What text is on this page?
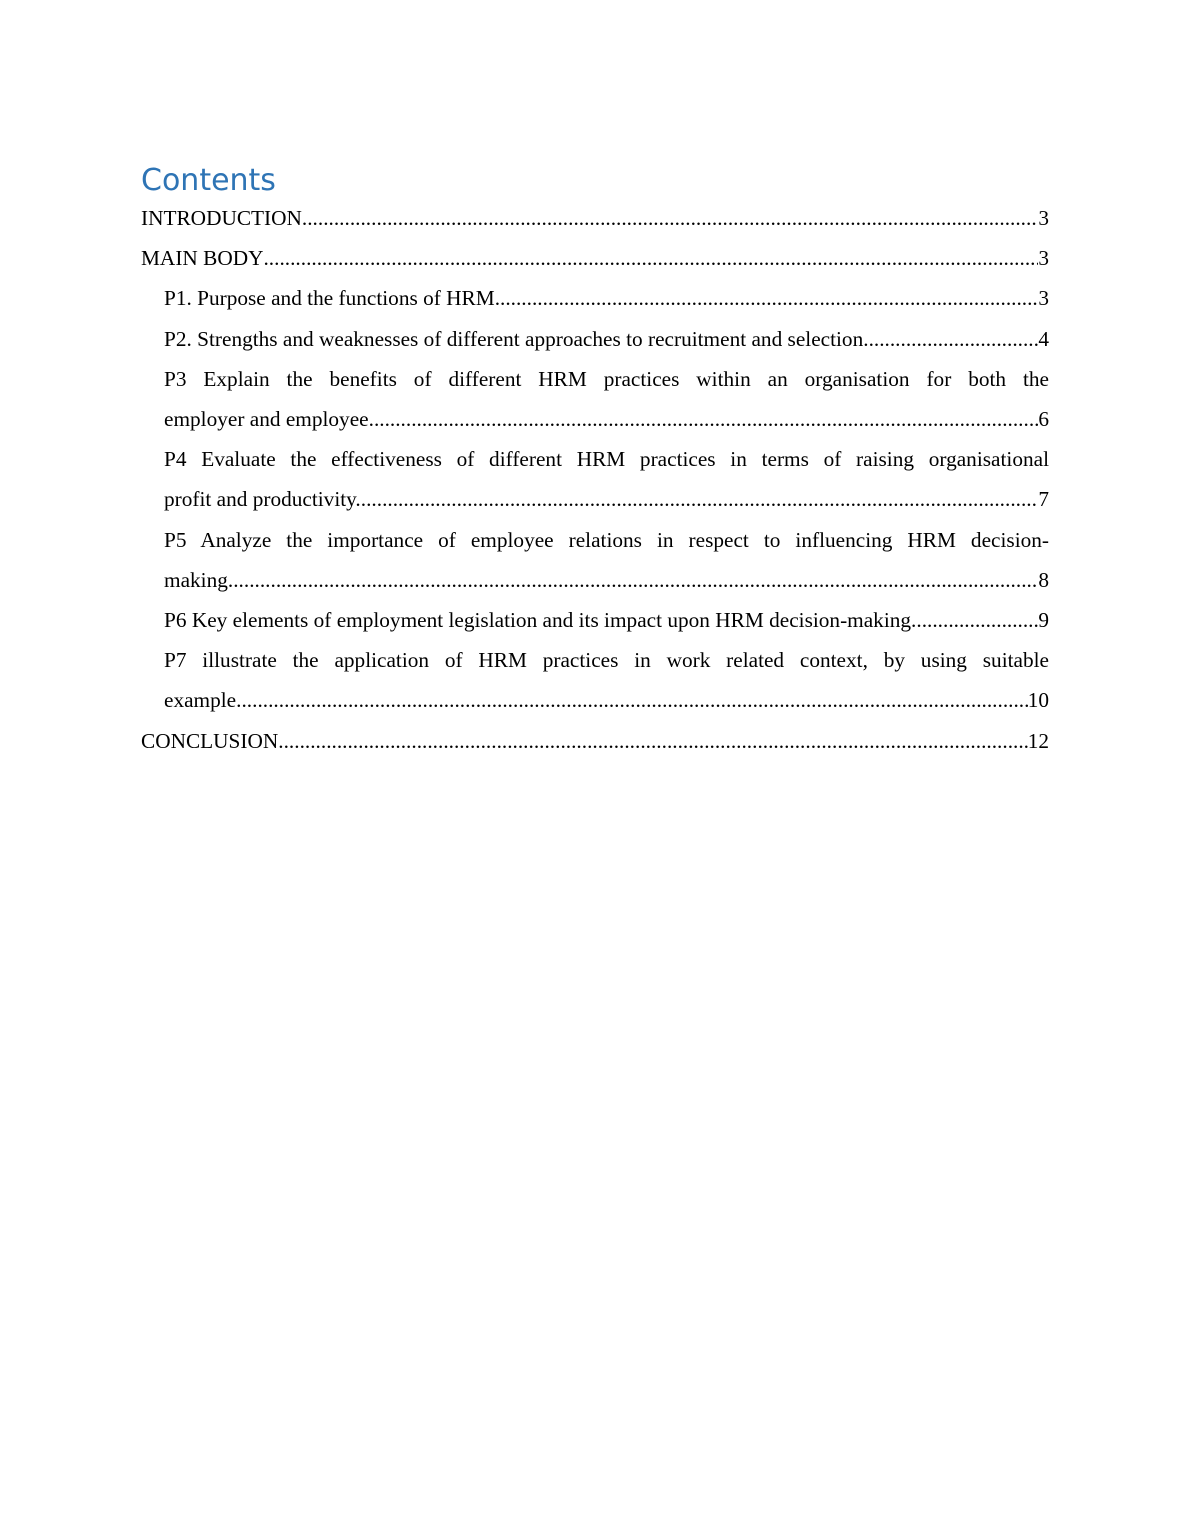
Contents
INTRODUCTION .....	3
MAIN BODY .....	3
P1. Purpose and the functions of HRM .....	3
P2. Strengths and weaknesses of different approaches to recruitment and selection. .....	4
P3 Explain the benefits of different HRM practices within an organisation for both the
employer and employee. .....	6
P4 Evaluate the effectiveness of different HRM practices in terms of raising organisational
profit and productivity. .....	7
P5 Analyze the importance of employee relations in respect to influencing HRM decision-
making. .....	8
P6 Key elements of employment legislation and its impact upon HRM decision-making. .....	9
P7 illustrate the application of HRM practices in work related context, by using suitable
example. .....	10
CONCLUSION. .....	12
